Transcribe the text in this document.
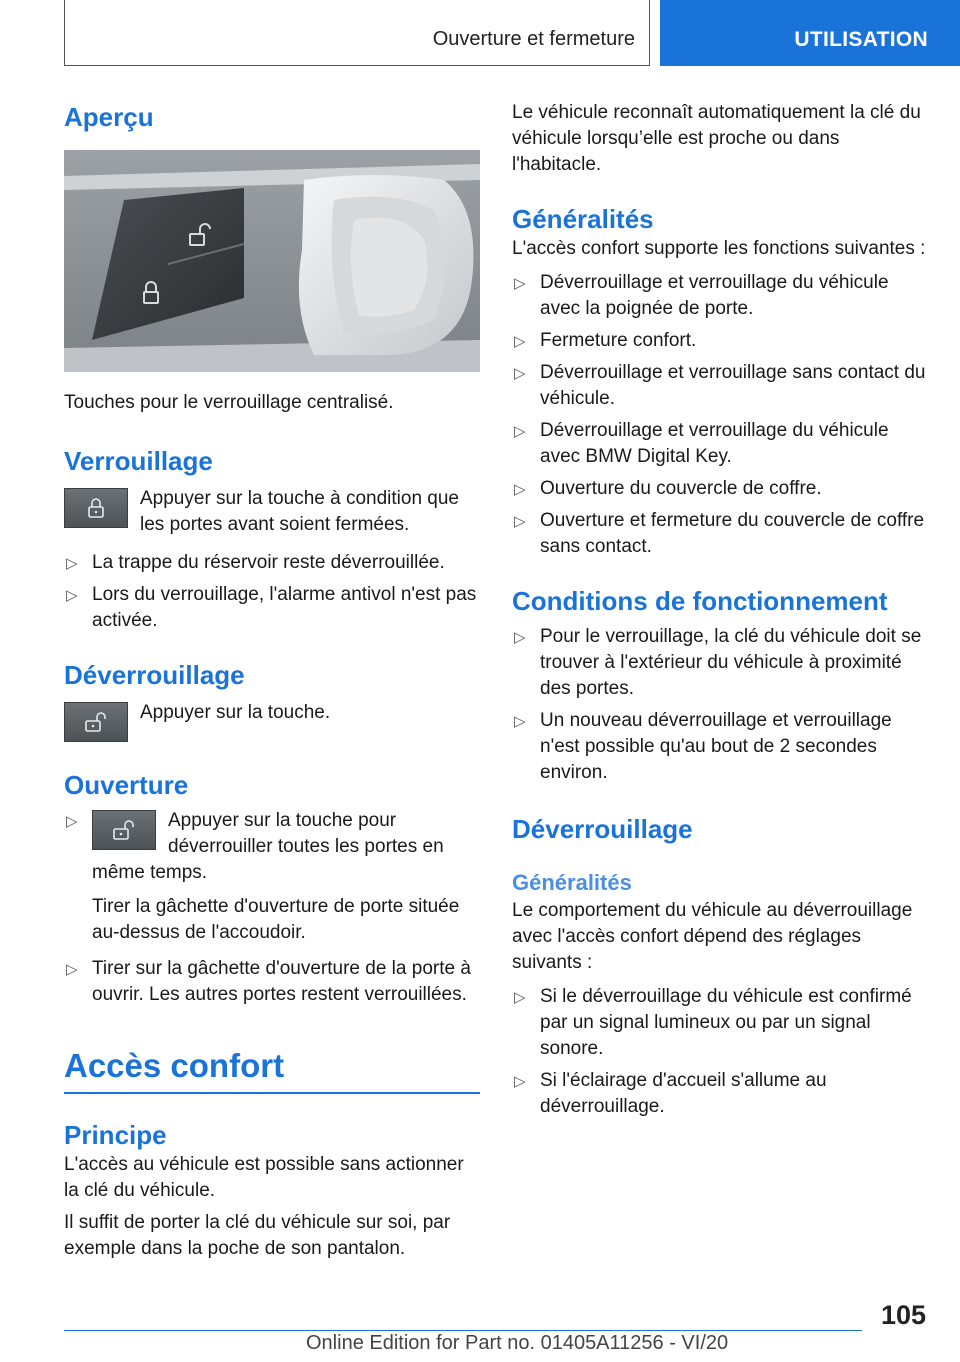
Ouverture et fermeture	UTILISATION
Aperçu

Touches pour le verrouillage centralisé.

Verrouillage

Appuyer sur la touche à condition que les portes avant soient fermées.

▷ La trappe du réservoir reste déverrouillée.
▷ Lors du verrouillage, l'alarme antivol n'est pas activée.
Déverrouillage

Appuyer sur la touche.

Ouverture
▷	Appuyer sur la touche pour déverrouiller toutes les portes en même temps.

Tirer la gâchette d'ouverture de porte située au-dessus de l'accoudoir.

▷ Tirer sur la gâchette d'ouverture de la porte à ouvrir. Les autres portes restent verrouillées.
Accès confort
Principe

L'accès au véhicule est possible sans actionner la clé du véhicule.

Il suffit de porter la clé du véhicule sur soi, par exemple dans la poche de son pantalon.

Le véhicule reconnaît automatiquement la clé du véhicule lorsqu’elle est proche ou dans l'habitacle.

Généralités

L'accès confort supporte les fonctions suivantes :

▷ Déverrouillage et verrouillage du véhicule avec la poignée de porte.
▷ Fermeture confort.
▷ Déverrouillage et verrouillage sans contact du véhicule.
▷ Déverrouillage et verrouillage du véhicule avec BMW Digital Key.
▷ Ouverture du couvercle de coffre.
▷ Ouverture et fermeture du couvercle de coffre sans contact.
Conditions de fonctionnement
▷ Pour le verrouillage, la clé du véhicule doit se trouver à l'extérieur du véhicule à proximité des portes.
▷ Un nouveau déverrouillage et verrouillage n'est possible qu'au bout de 2 secondes environ.
Déverrouillage
Généralités

Le comportement du véhicule au déverrouillage avec l'accès confort dépend des réglages suivants :

▷ Si le déverrouillage du véhicule est confirmé par un signal lumineux ou par un signal sonore.
▷ Si l'éclairage d'accueil s'allume au déverrouillage.
105
Online Edition for Part no. 01405A11256 - VI/20
